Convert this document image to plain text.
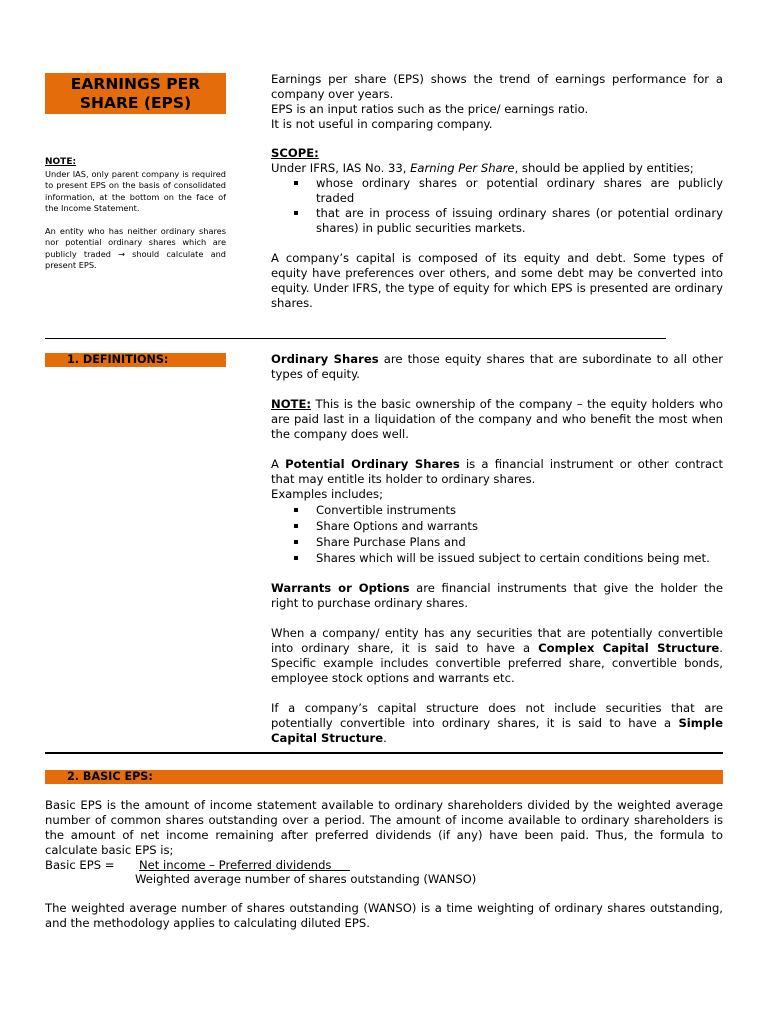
EARNINGS PER SHARE (EPS)

NOTE:

Under IAS, only parent company is required to present EPS on the basis of consolidated information, at the bottom on the face of the Income Statement.

An entity who has neither ordinary shares nor potential ordinary shares which are publicly traded → should calculate and present EPS.

Earnings per share (EPS) shows the trend of earnings performance for a company over years.

EPS is an input ratios such as the price/ earnings ratio.

It is not useful in comparing company.

SCOPE:

Under IFRS, IAS No. 33, Earning Per Share, should be applied by entities;

whose ordinary shares or potential ordinary shares are publicly traded
that are in process of issuing ordinary shares (or potential ordinary shares) in public securities markets.

A company’s capital is composed of its equity and debt. Some types of equity have preferences over others, and some debt may be converted into equity. Under IFRS, the type of equity for which EPS is presented are ordinary shares.

1. DEFINITIONS:	Ordinary Shares are those equity shares that are subordinate to all other types of equity.

NOTE: This is the basic ownership of the company – the equity holders who are paid last in a liquidation of the company and who benefit the most when the company does well.

A Potential Ordinary Shares is a financial instrument or other contract that may entitle its holder to ordinary shares.

Examples includes;

Convertible instruments
Share Options and warrants
Share Purchase Plans and
Shares which will be issued subject to certain conditions being met.

Warrants or Options are financial instruments that give the holder the right to purchase ordinary shares.

When a company/ entity has any securities that are potentially convertible into ordinary share, it is said to have a Complex Capital Structure. Specific example includes convertible preferred share, convertible bonds, employee stock options and warrants etc.

If a company’s capital structure does not include securities that are potentially convertible into ordinary shares, it is said to have a Simple Capital Structure.

2. BASIC EPS:
Basic EPS is the amount of income statement available to ordinary shareholders divided by the weighted average number of common shares outstanding over a period. The amount of income available to ordinary shareholders is the amount of net income remaining after preferred dividends (if any) have been paid. Thus, the formula to calculate basic EPS is;
Basic EPS = Net income – Preferred dividends
Weighted average number of shares outstanding (WANSO)
The weighted average number of shares outstanding (WANSO) is a time weighting of ordinary shares outstanding, and the methodology applies to calculating diluted EPS.
